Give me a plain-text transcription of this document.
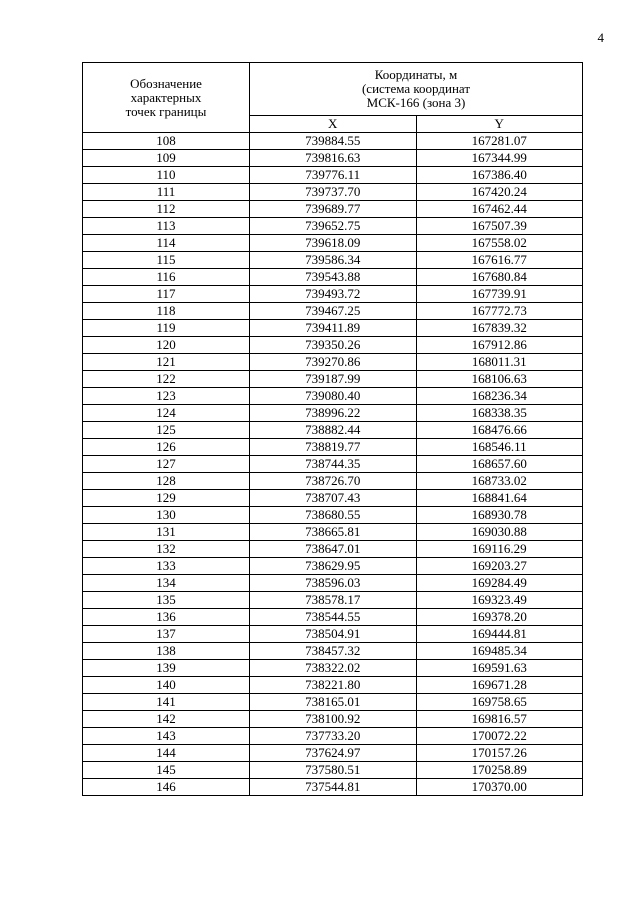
4
Обозначение
характерных
точек границы	Координаты, м
(система координат
МСК-166 (зона 3)	
	X	Y
108	739884.55	167281.07
109	739816.63	167344.99
110	739776.11	167386.40
111	739737.70	167420.24
112	739689.77	167462.44
113	739652.75	167507.39
114	739618.09	167558.02
115	739586.34	167616.77
116	739543.88	167680.84
117	739493.72	167739.91
118	739467.25	167772.73
119	739411.89	167839.32
120	739350.26	167912.86
121	739270.86	168011.31
122	739187.99	168106.63
123	739080.40	168236.34
124	738996.22	168338.35
125	738882.44	168476.66
126	738819.77	168546.11
127	738744.35	168657.60
128	738726.70	168733.02
129	738707.43	168841.64
130	738680.55	168930.78
131	738665.81	169030.88
132	738647.01	169116.29
133	738629.95	169203.27
134	738596.03	169284.49
135	738578.17	169323.49
136	738544.55	169378.20
137	738504.91	169444.81
138	738457.32	169485.34
139	738322.02	169591.63
140	738221.80	169671.28
141	738165.01	169758.65
142	738100.92	169816.57
143	737733.20	170072.22
144	737624.97	170157.26
145	737580.51	170258.89
146	737544.81	170370.00
